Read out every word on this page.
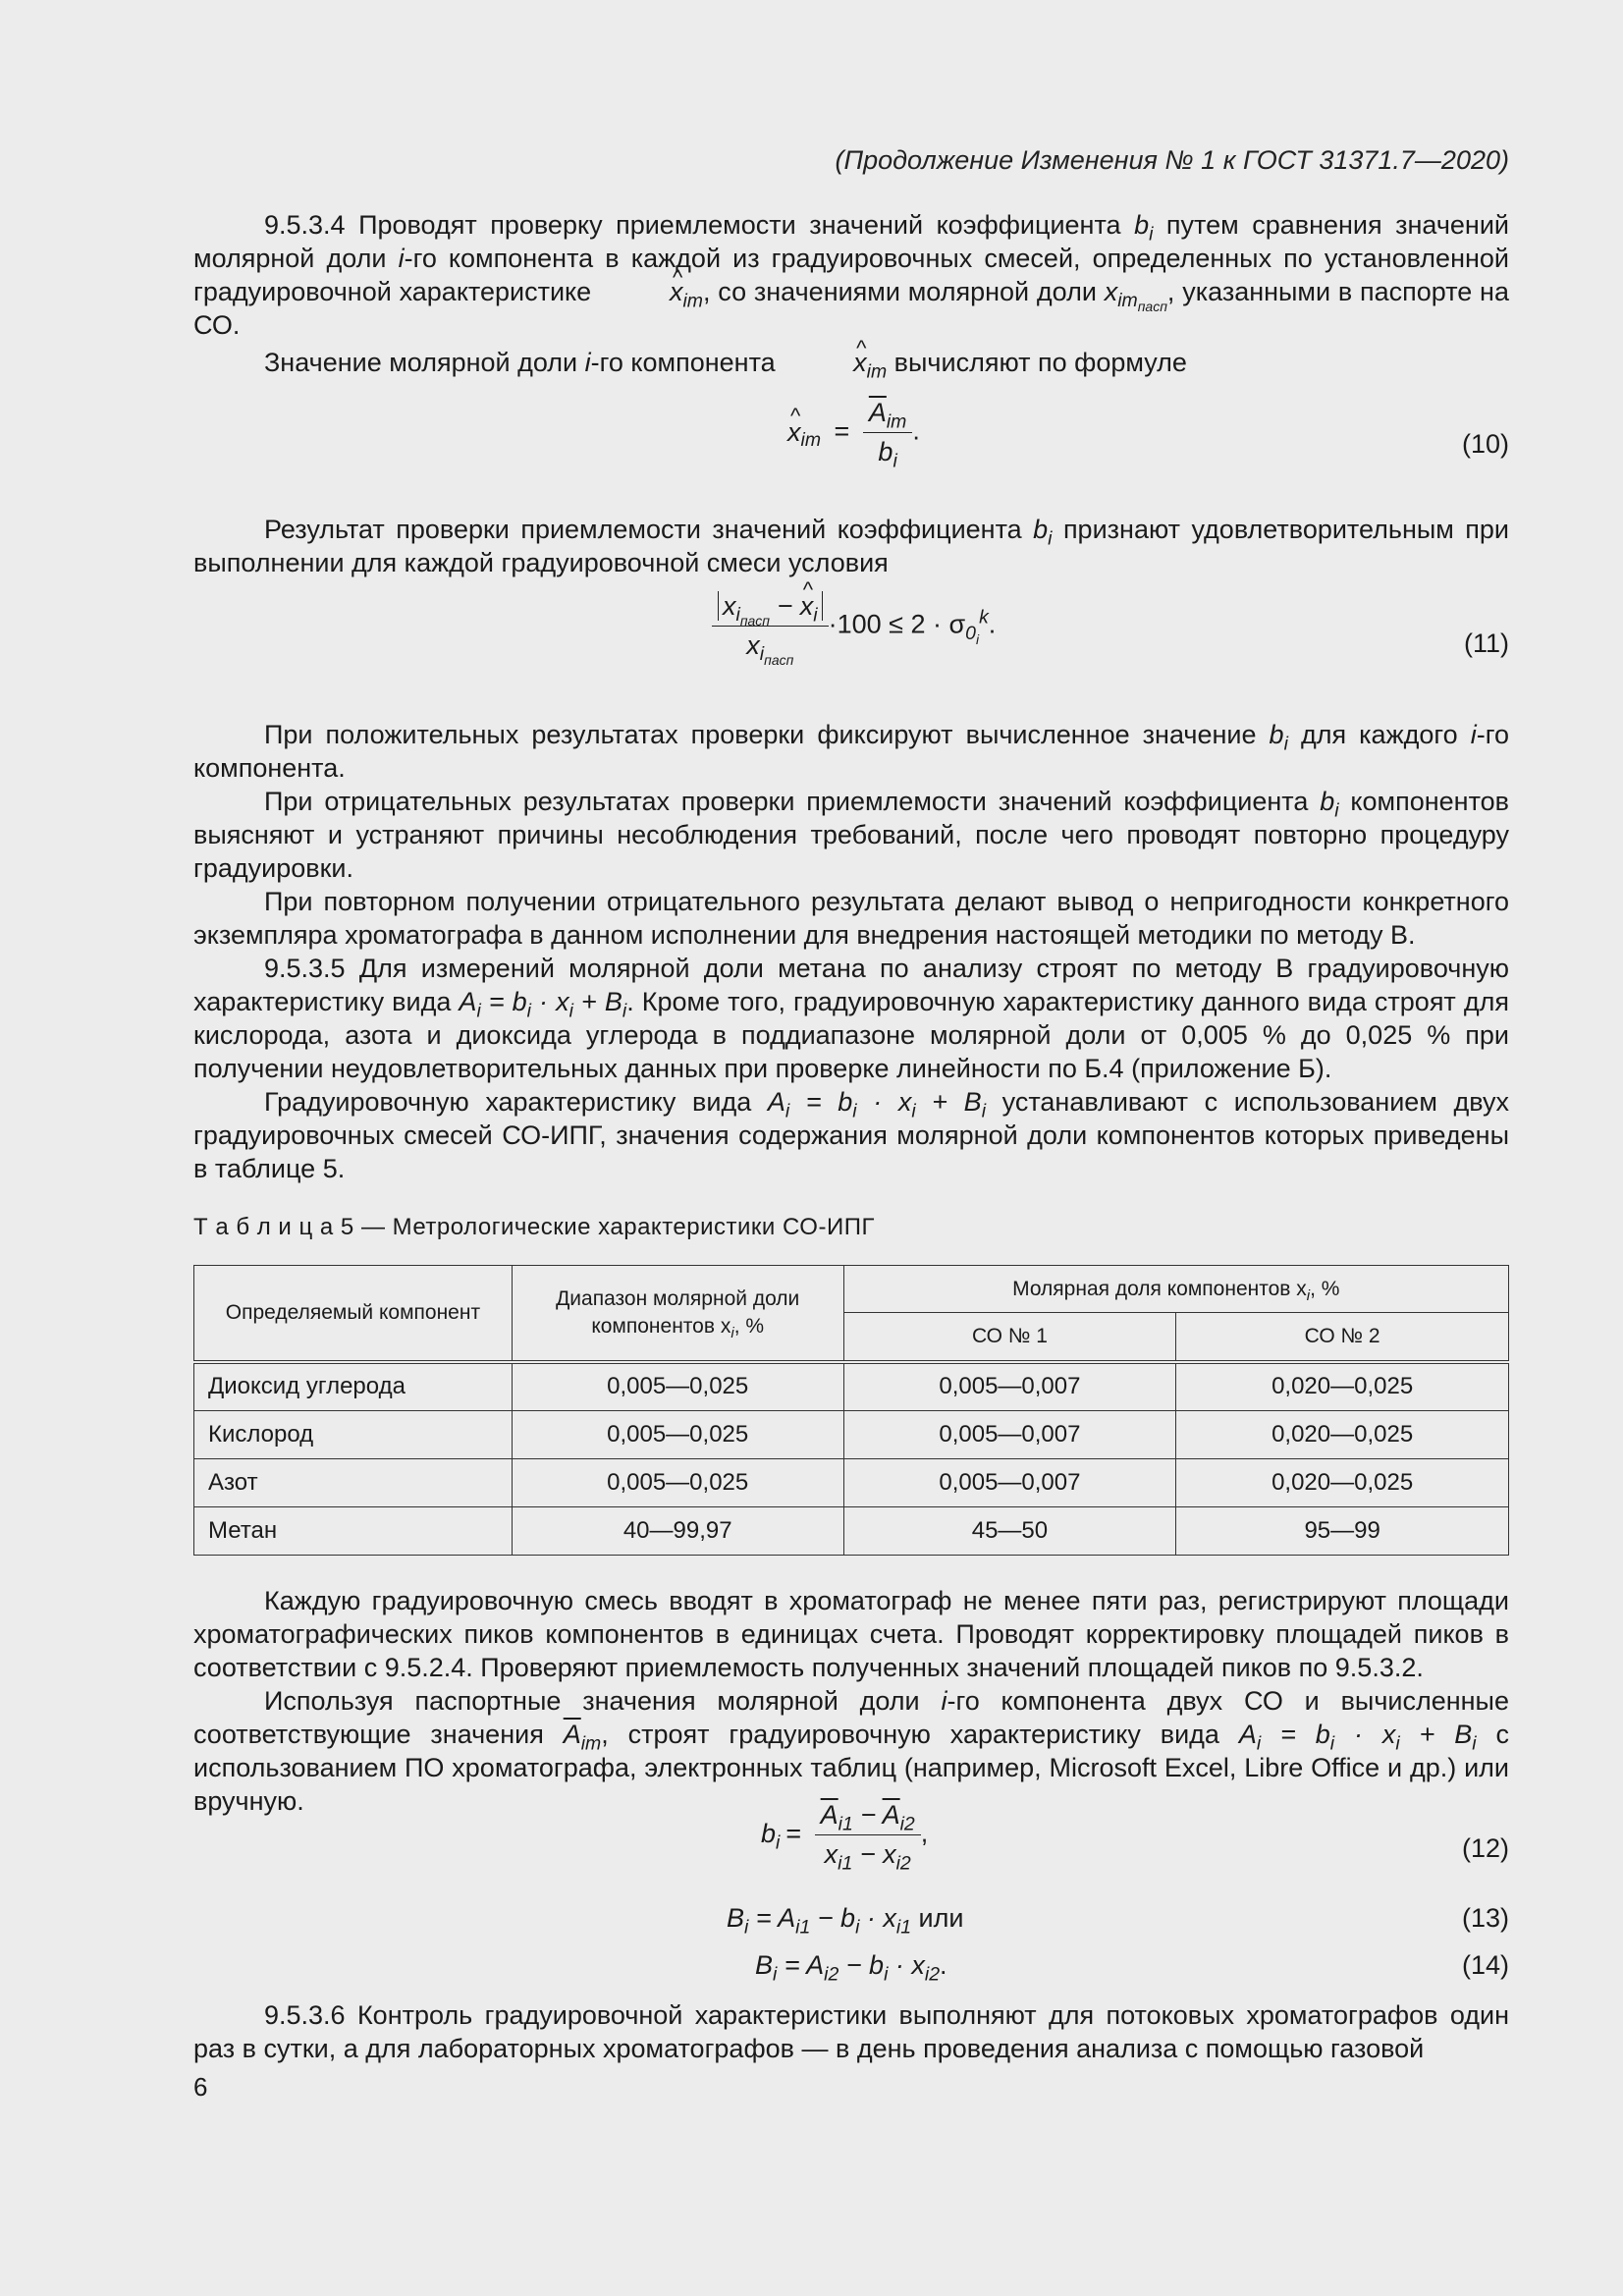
(Продолжение Изменения № 1 к ГОСТ 31371.7—2020)

9.5.3.4 Проводят проверку приемлемости значений коэффициента $b_i$ путем сравнения значений молярной доли i-го компонента в каждой из градуировочных смесей, определенных по установленной градуировочной характеристике	^ $x_{im}$, со значениями молярной доли $x_{im_{пасп}}$, указанными в паспорте на СО.

Значение молярной доли i-го компонента	^ $x_{im}$ вычисляют по формуле

^ $x_{im} = \frac{\overline{A}_{im}}{b_i}$ .	(10)

Результат проверки приемлемости значений коэффициента $b_i$ признают удовлетворительным при выполнении для каждой градуировочной смеси условия

$\frac{x_{i_{пасп}} - \^{} x_i}{x_{i_{пасп}}} \cdot 100 \le 2 \cdot \sigma_{0_i}^k$.
(11)

При положительных результатах проверки фиксируют вычисленное значение $b_i$ для каждого i-го компонента.

При отрицательных результатах проверки приемлемости значений коэффициента $b_i$ компонентов выясняют и устраняют причины несоблюдения требований, после чего проводят повторно процедуру градуировки.

При повторном получении отрицательного результата делают вывод о непригодности конкретного экземпляра хроматографа в данном исполнении для внедрения настоящей методики по методу В.

9.5.3.5 Для измерений молярной доли метана по анализу строят по методу В градуировочную характеристику вида $A_i = b_i \cdot x_i + B_i$. Кроме того, градуировочную характеристику данного вида строят для кислорода, азота и диоксида углерода в поддиапазоне молярной доли от 0,005 % до 0,025 % при получении неудовлетворительных данных при проверке линейности по Б.4 (приложение Б).

Градуировочную характеристику вида $A_i = b_i \cdot x_i + B_i$ устанавливают с использованием двух градуировочных смесей СО-ИПГ, значения содержания молярной доли компонентов которых приведены в таблице 5.

Т а б л и ц а 5 — Метрологические характеристики СО-ИПГ
Определяемый компонент	Диапазон молярной доли компонентов $x_i$, %	Молярная доля компонентов $x_i$, %	
		СО № 1	СО № 2
Диоксид углерода	0,005—0,025	0,005—0,007	0,020—0,025
Кислород	0,005—0,025	0,005—0,007	0,020—0,025
Азот	0,005—0,025	0,005—0,007	0,020—0,025
Метан	40—99,97	45—50	95—99

Каждую градуировочную смесь вводят в хроматограф не менее пяти раз, регистрируют площади хроматографических пиков компонентов в единицах счета. Проводят корректировку площадей пиков в соответствии с 9.5.2.4. Проверяют приемлемость полученных значений площадей пиков по 9.5.3.2.

Используя паспортные значения молярной доли i-го компонента двух СО и вычисленные соответствующие значения $\overline{A}_{im}$, строят градуировочную характеристику вида $A_i = b_i \cdot x_i + B_i$ с использованием ПО хроматографа, электронных таблиц (например, Microsoft Excel, Libre Office и др.) или вручную.

$b_i = \frac{\overline{A}_{i1} - \overline{A}_{i2}}{x_{i1} - x_{i2}}$ ,
(12)
$B_i = A_{i1} - b_i \cdot x_{i1}$ или	(13)
$B_i = A_{i2} - b_i \cdot x_{i2}$.	(14)

9.5.3.6 Контроль градуировочной характеристики выполняют для потоковых хроматографов один раз в сутки, а для лабораторных хроматографов — в день проведения анализа с помощью газовой

6
